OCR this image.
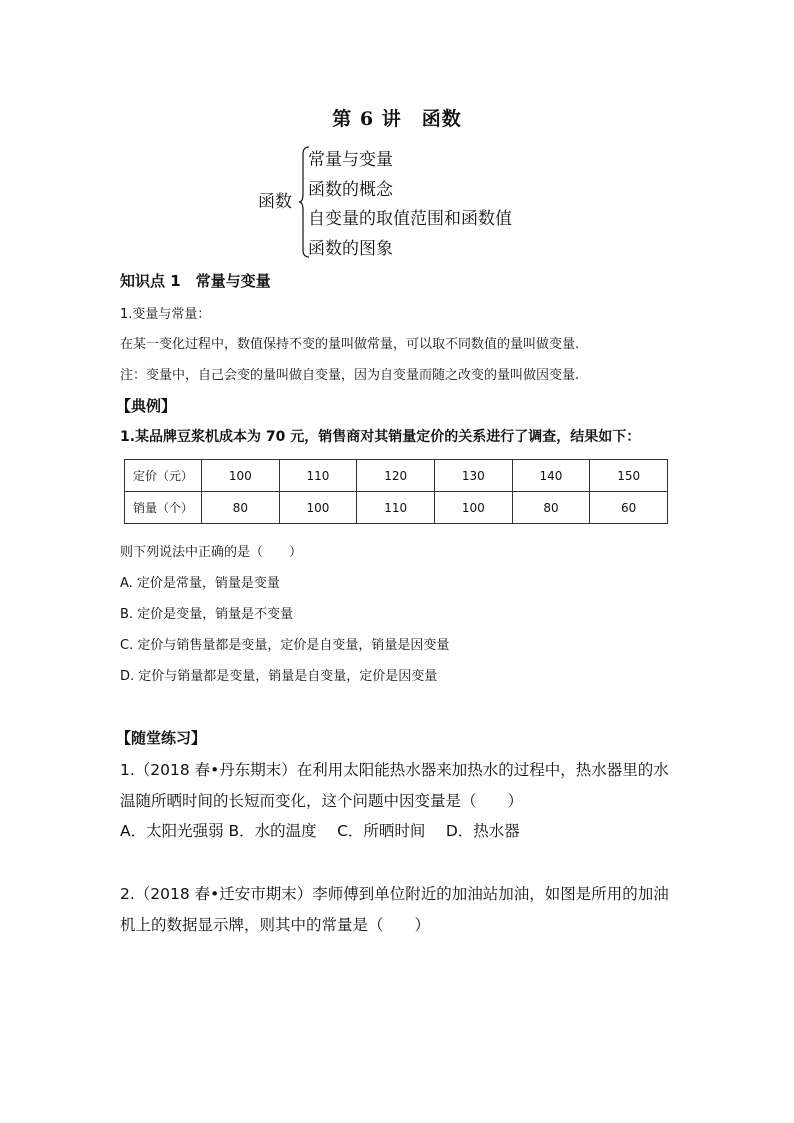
第 6 讲　函数
函数
常量与变量
函数的概念
自变量的取值范围和函数值
函数的图象
知识点 1　常量与变量
1.变量与常量：
在某一变化过程中，数值保持不变的量叫做常量，可以取不同数值的量叫做变量.
注：变量中，自己会变的量叫做自变量，因为自变量而随之改变的量叫做因变量.
【典例】
1.某品牌豆浆机成本为 70 元，销售商对其销量定价的关系进行了调查，结果如下：
定价（元）	100	110	120	130	140	150
销量（个）	80	100	110	100	80	60
则下列说法中正确的是（　　）
A. 定价是常量，销量是变量
B. 定价是变量，销量是不变量
C. 定价与销售量都是变量，定价是自变量，销量是因变量
D. 定价与销量都是变量，销量是自变量，定价是因变量
【随堂练习】
1.（2018 春•丹东期末）在利用太阳能热水器来加热水的过程中，热水器里的水
温随所晒时间的长短而变化，这个问题中因变量是（　　）
A．太阳光强弱 B．水的温度　 C．所晒时间　 D．热水器
2.（2018 春•迁安市期末）李师傅到单位附近的加油站加油，如图是所用的加油
机上的数据显示牌，则其中的常量是（　　）
